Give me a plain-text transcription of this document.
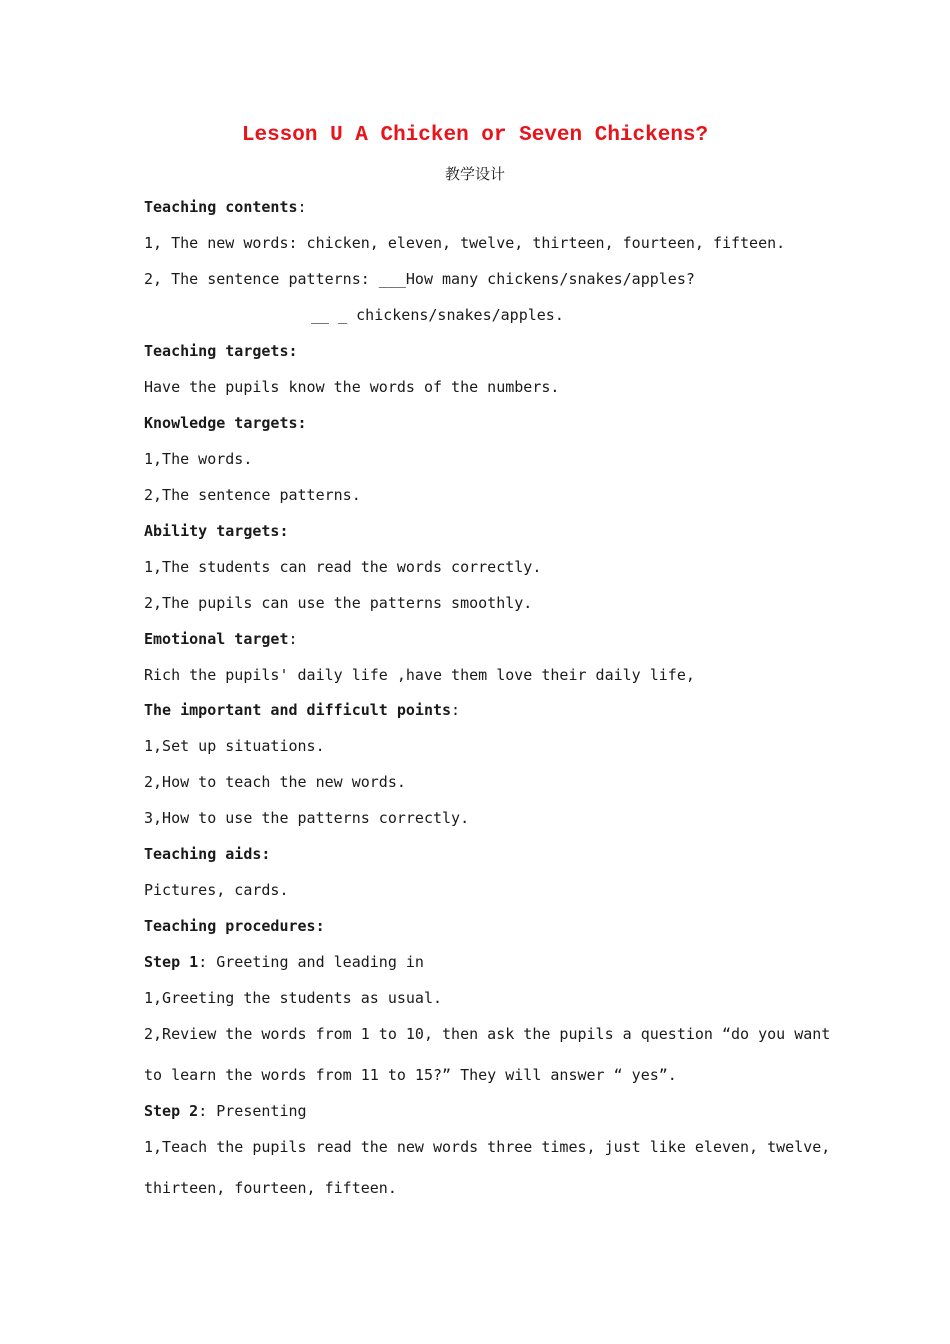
Lesson U A Chicken or Seven Chickens?
教学设计
Teaching contents:
1, The new words: chicken, eleven, twelve, thirteen, fourteen, fifteen.
2, The sentence patterns: ___How many chickens/snakes/apples?
__ _ chickens/snakes/apples.
Teaching targets:
Have the pupils know the words of the numbers.
Knowledge targets:
1,The words.
2,The sentence patterns.
Ability targets:
1,The students can read the words correctly.
2,The pupils can use the patterns smoothly.
Emotional target:
Rich the pupils' daily life ,have them love their daily life,
The important and difficult points:
1,Set up situations.
2,How to teach the new words.
3,How to use the patterns correctly.
Teaching aids:
Pictures, cards.
Teaching procedures:
Step 1: Greeting and leading in
1,Greeting the students as usual.
2,Review the words from 1 to 10, then ask the pupils a question “do you want
to learn the words from 11 to 15?” They will answer “ yes”.
Step 2: Presenting
1,Teach the pupils read the new words three times, just like eleven, twelve,
thirteen, fourteen, fifteen.
